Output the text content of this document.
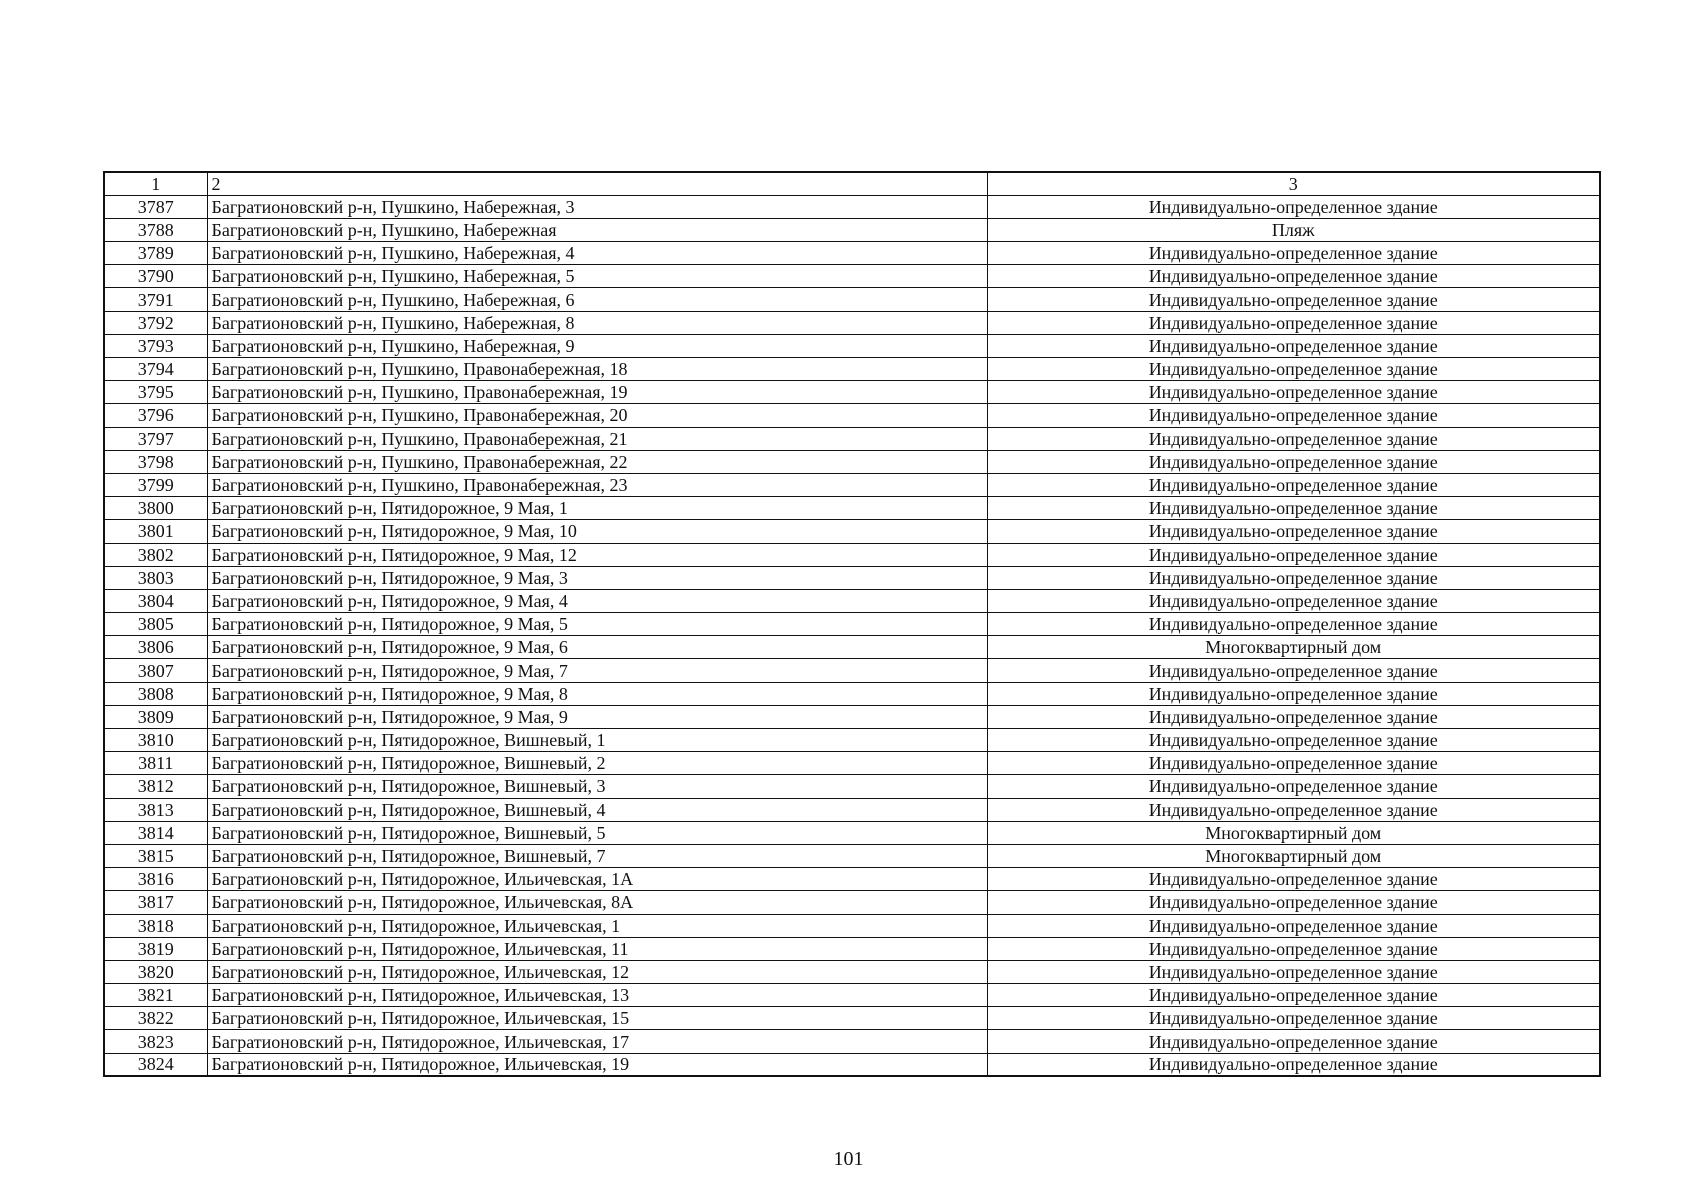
1	2	3
3787	Багратионовский р-н, Пушкино, Набережная, 3	Индивидуально-определенное здание
3788	Багратионовский р-н, Пушкино, Набережная	Пляж
3789	Багратионовский р-н, Пушкино, Набережная, 4	Индивидуально-определенное здание
3790	Багратионовский р-н, Пушкино, Набережная, 5	Индивидуально-определенное здание
3791	Багратионовский р-н, Пушкино, Набережная, 6	Индивидуально-определенное здание
3792	Багратионовский р-н, Пушкино, Набережная, 8	Индивидуально-определенное здание
3793	Багратионовский р-н, Пушкино, Набережная, 9	Индивидуально-определенное здание
3794	Багратионовский р-н, Пушкино, Правонабережная, 18	Индивидуально-определенное здание
3795	Багратионовский р-н, Пушкино, Правонабережная, 19	Индивидуально-определенное здание
3796	Багратионовский р-н, Пушкино, Правонабережная, 20	Индивидуально-определенное здание
3797	Багратионовский р-н, Пушкино, Правонабережная, 21	Индивидуально-определенное здание
3798	Багратионовский р-н, Пушкино, Правонабережная, 22	Индивидуально-определенное здание
3799	Багратионовский р-н, Пушкино, Правонабережная, 23	Индивидуально-определенное здание
3800	Багратионовский р-н, Пятидорожное, 9 Мая, 1	Индивидуально-определенное здание
3801	Багратионовский р-н, Пятидорожное, 9 Мая, 10	Индивидуально-определенное здание
3802	Багратионовский р-н, Пятидорожное, 9 Мая, 12	Индивидуально-определенное здание
3803	Багратионовский р-н, Пятидорожное, 9 Мая, 3	Индивидуально-определенное здание
3804	Багратионовский р-н, Пятидорожное, 9 Мая, 4	Индивидуально-определенное здание
3805	Багратионовский р-н, Пятидорожное, 9 Мая, 5	Индивидуально-определенное здание
3806	Багратионовский р-н, Пятидорожное, 9 Мая, 6	Многоквартирный дом
3807	Багратионовский р-н, Пятидорожное, 9 Мая, 7	Индивидуально-определенное здание
3808	Багратионовский р-н, Пятидорожное, 9 Мая, 8	Индивидуально-определенное здание
3809	Багратионовский р-н, Пятидорожное, 9 Мая, 9	Индивидуально-определенное здание
3810	Багратионовский р-н, Пятидорожное, Вишневый, 1	Индивидуально-определенное здание
3811	Багратионовский р-н, Пятидорожное, Вишневый, 2	Индивидуально-определенное здание
3812	Багратионовский р-н, Пятидорожное, Вишневый, 3	Индивидуально-определенное здание
3813	Багратионовский р-н, Пятидорожное, Вишневый, 4	Индивидуально-определенное здание
3814	Багратионовский р-н, Пятидорожное, Вишневый, 5	Многоквартирный дом
3815	Багратионовский р-н, Пятидорожное, Вишневый, 7	Многоквартирный дом
3816	Багратионовский р-н, Пятидорожное, Ильичевская, 1А	Индивидуально-определенное здание
3817	Багратионовский р-н, Пятидорожное, Ильичевская, 8А	Индивидуально-определенное здание
3818	Багратионовский р-н, Пятидорожное, Ильичевская, 1	Индивидуально-определенное здание
3819	Багратионовский р-н, Пятидорожное, Ильичевская, 11	Индивидуально-определенное здание
3820	Багратионовский р-н, Пятидорожное, Ильичевская, 12	Индивидуально-определенное здание
3821	Багратионовский р-н, Пятидорожное, Ильичевская, 13	Индивидуально-определенное здание
3822	Багратионовский р-н, Пятидорожное, Ильичевская, 15	Индивидуально-определенное здание
3823	Багратионовский р-н, Пятидорожное, Ильичевская, 17	Индивидуально-определенное здание
3824	Багратионовский р-н, Пятидорожное, Ильичевская, 19	Индивидуально-определенное здание
101
